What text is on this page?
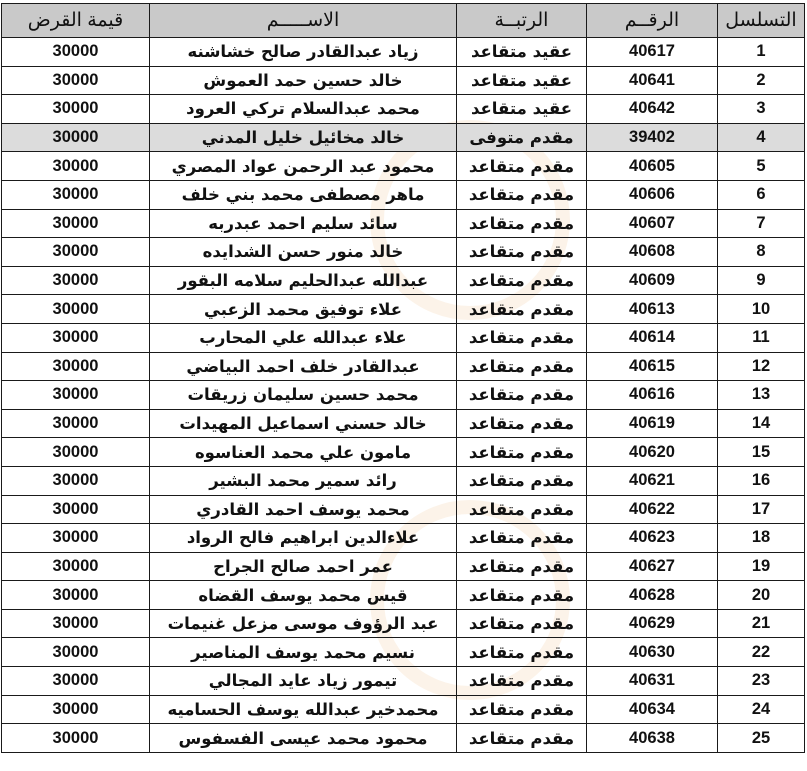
قيمة القرض	الاســـــم	الرتبــة	الرقــم	التسلسل
30000	زياد عبدالقادر صالح خشاشنه	عقيد متقاعد	40617	1
30000	خالد حسين حمد العموش	عقيد متقاعد	40641	2
30000	محمد عبدالسلام تركي العرود	عقيد متقاعد	40642	3
30000	خالد مخائيل خليل المدني	مقدم متوفى	39402	4
30000	محمود عبد الرحمن عواد المصري	مقدم متقاعد	40605	5
30000	ماهر مصطفى محمد بني خلف	مقدم متقاعد	40606	6
30000	سائد سليم احمد عبدربه	مقدم متقاعد	40607	7
30000	خالد منور حسن الشدايده	مقدم متقاعد	40608	8
30000	عبدالله عبدالحليم سلامه البقور	مقدم متقاعد	40609	9
30000	علاء توفيق محمد الزعبي	مقدم متقاعد	40613	10
30000	علاء عبدالله علي المحارب	مقدم متقاعد	40614	11
30000	عبدالقادر خلف احمد البياضي	مقدم متقاعد	40615	12
30000	محمد حسين سليمان زريقات	مقدم متقاعد	40616	13
30000	خالد حسني اسماعيل المهيدات	مقدم متقاعد	40619	14
30000	مامون علي محمد العناسوه	مقدم متقاعد	40620	15
30000	رائد سمير محمد البشير	مقدم متقاعد	40621	16
30000	محمد يوسف احمد القادري	مقدم متقاعد	40622	17
30000	علاءالدين ابراهيم فالح الرواد	مقدم متقاعد	40623	18
30000	عمر احمد صالح الجراح	مقدم متقاعد	40627	19
30000	قيس محمد يوسف القضاه	مقدم متقاعد	40628	20
30000	عبد الرؤوف موسى مزعل غنيمات	مقدم متقاعد	40629	21
30000	نسيم محمد يوسف المناصير	مقدم متقاعد	40630	22
30000	تيمور زياد عايد المجالي	مقدم متقاعد	40631	23
30000	محمدخير عبدالله يوسف الحساميه	مقدم متقاعد	40634	24
30000	محمود محمد عيسى الفسفوس	مقدم متقاعد	40638	25
